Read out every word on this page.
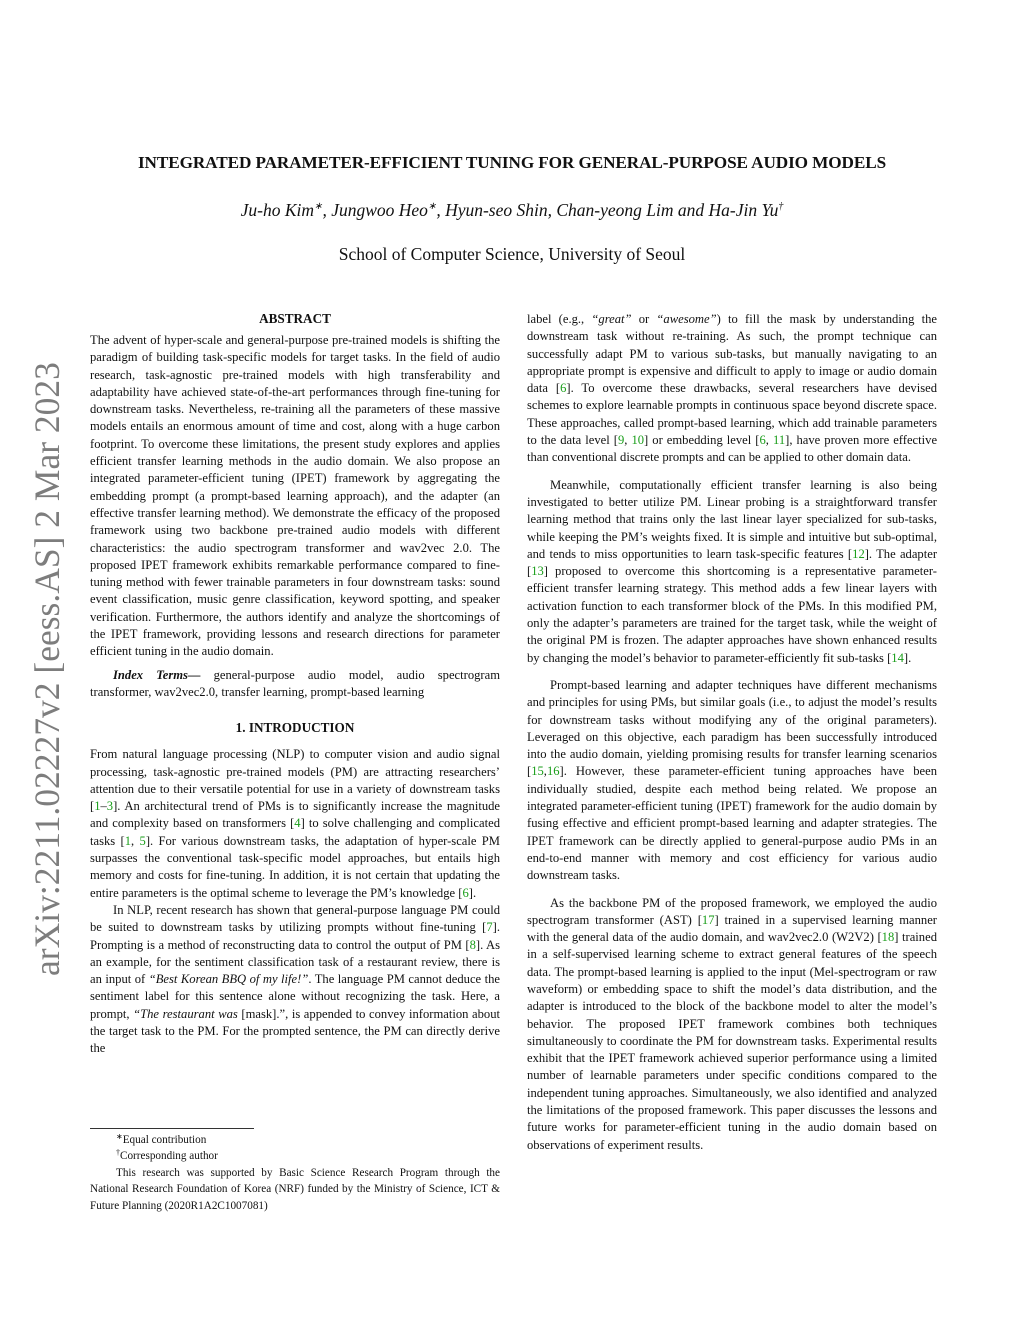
arXiv:2211.02227v2 [eess.AS] 2 Mar 2023
INTEGRATED PARAMETER-EFFICIENT TUNING FOR GENERAL-PURPOSE AUDIO MODELS
Ju-ho Kim∗, Jungwoo Heo∗, Hyun-seo Shin, Chan-yeong Lim and Ha-Jin Yu†
School of Computer Science, University of Seoul
ABSTRACT

The advent of hyper-scale and general-purpose pre-trained models is shifting the paradigm of building task-specific models for target tasks. In the field of audio research, task-agnostic pre-trained models with high transferability and adaptability have achieved state-of-the-art performances through fine-tuning for downstream tasks. Nevertheless, re-training all the parameters of these massive models entails an enormous amount of time and cost, along with a huge carbon footprint. To overcome these limitations, the present study explores and applies efficient transfer learning methods in the audio domain. We also propose an integrated parameter-efficient tuning (IPET) framework by aggregating the embedding prompt (a prompt-based learning approach), and the adapter (an effective transfer learning method). We demonstrate the efficacy of the proposed framework using two backbone pre-trained audio models with different characteristics: the audio spectrogram transformer and wav2vec 2.0. The proposed IPET framework exhibits remarkable performance compared to fine-tuning method with fewer trainable parameters in four downstream tasks: sound event classification, music genre classification, keyword spotting, and speaker verification. Furthermore, the authors identify and analyze the shortcomings of the IPET framework, providing lessons and research directions for parameter efficient tuning in the audio domain.

Index Terms— general-purpose audio model, audio spectrogram transformer, wav2vec2.0, transfer learning, prompt-based learning

1. INTRODUCTION

From natural language processing (NLP) to computer vision and audio signal processing, task-agnostic pre-trained models (PM) are attracting researchers’ attention due to their versatile potential for use in a variety of downstream tasks [1–3]. An architectural trend of PMs is to significantly increase the magnitude and complexity based on transformers [4] to solve challenging and complicated tasks [1, 5]. For various downstream tasks, the adaptation of hyper-scale PM surpasses the conventional task-specific model approaches, but entails high memory and costs for fine-tuning. In addition, it is not certain that updating the entire parameters is the optimal scheme to leverage the PM’s knowledge [6].

In NLP, recent research has shown that general-purpose language PM could be suited to downstream tasks by utilizing prompts without fine-tuning [7]. Prompting is a method of reconstructing data to control the output of PM [8]. As an example, for the sentiment classification task of a restaurant review, there is an input of “Best Korean BBQ of my life!”. The language PM cannot deduce the sentiment label for this sentence alone without recognizing the task. Here, a prompt, “The restaurant was [mask].”, is appended to convey information about the target task to the PM. For the prompted sentence, the PM can directly derive the

∗Equal contribution

†Corresponding author

This research was supported by Basic Science Research Program through the National Research Foundation of Korea (NRF) funded by the Ministry of Science, ICT & Future Planning (2020R1A2C1007081)

label (e.g., “great” or “awesome”) to fill the mask by understanding the downstream task without re-training. As such, the prompt technique can successfully adapt PM to various sub-tasks, but manually navigating to an appropriate prompt is expensive and difficult to apply to image or audio domain data [6]. To overcome these drawbacks, several researchers have devised schemes to explore learnable prompts in continuous space beyond discrete space. These approaches, called prompt-based learning, which add trainable parameters to the data level [9, 10] or embedding level [6, 11], have proven more effective than conventional discrete prompts and can be applied to other domain data.

Meanwhile, computationally efficient transfer learning is also being investigated to better utilize PM. Linear probing is a straightforward transfer learning method that trains only the last linear layer specialized for sub-tasks, while keeping the PM’s weights fixed. It is simple and intuitive but sub-optimal, and tends to miss opportunities to learn task-specific features [12]. The adapter [13] proposed to overcome this shortcoming is a representative parameter-efficient transfer learning strategy. This method adds a few linear layers with activation function to each transformer block of the PMs. In this modified PM, only the adapter’s parameters are trained for the target task, while the weight of the original PM is frozen. The adapter approaches have shown enhanced results by changing the model’s behavior to parameter-efficiently fit sub-tasks [14].

Prompt-based learning and adapter techniques have different mechanisms and principles for using PMs, but similar goals (i.e., to adjust the model’s results for downstream tasks without modifying any of the original parameters). Leveraged on this objective, each paradigm has been successfully introduced into the audio domain, yielding promising results for transfer learning scenarios [15,16]. However, these parameter-efficient tuning approaches have been individually studied, despite each method being related. We propose an integrated parameter-efficient tuning (IPET) framework for the audio domain by fusing effective and efficient prompt-based learning and adapter strategies. The IPET framework can be directly applied to general-purpose audio PMs in an end-to-end manner with memory and cost efficiency for various audio downstream tasks.

As the backbone PM of the proposed framework, we employed the audio spectrogram transformer (AST) [17] trained in a supervised learning manner with the general data of the audio domain, and wav2vec2.0 (W2V2) [18] trained in a self-supervised learning scheme to extract general features of the speech data. The prompt-based learning is applied to the input (Mel-spectrogram or raw waveform) or embedding space to shift the model’s data distribution, and the adapter is introduced to the block of the backbone model to alter the model’s behavior. The proposed IPET framework combines both techniques simultaneously to coordinate the PM for downstream tasks. Experimental results exhibit that the IPET framework achieved superior performance using a limited number of learnable parameters under specific conditions compared to the independent tuning approaches. Simultaneously, we also identified and analyzed the limitations of the proposed framework. This paper discusses the lessons and future works for parameter-efficient tuning in the audio domain based on observations of experiment results.
